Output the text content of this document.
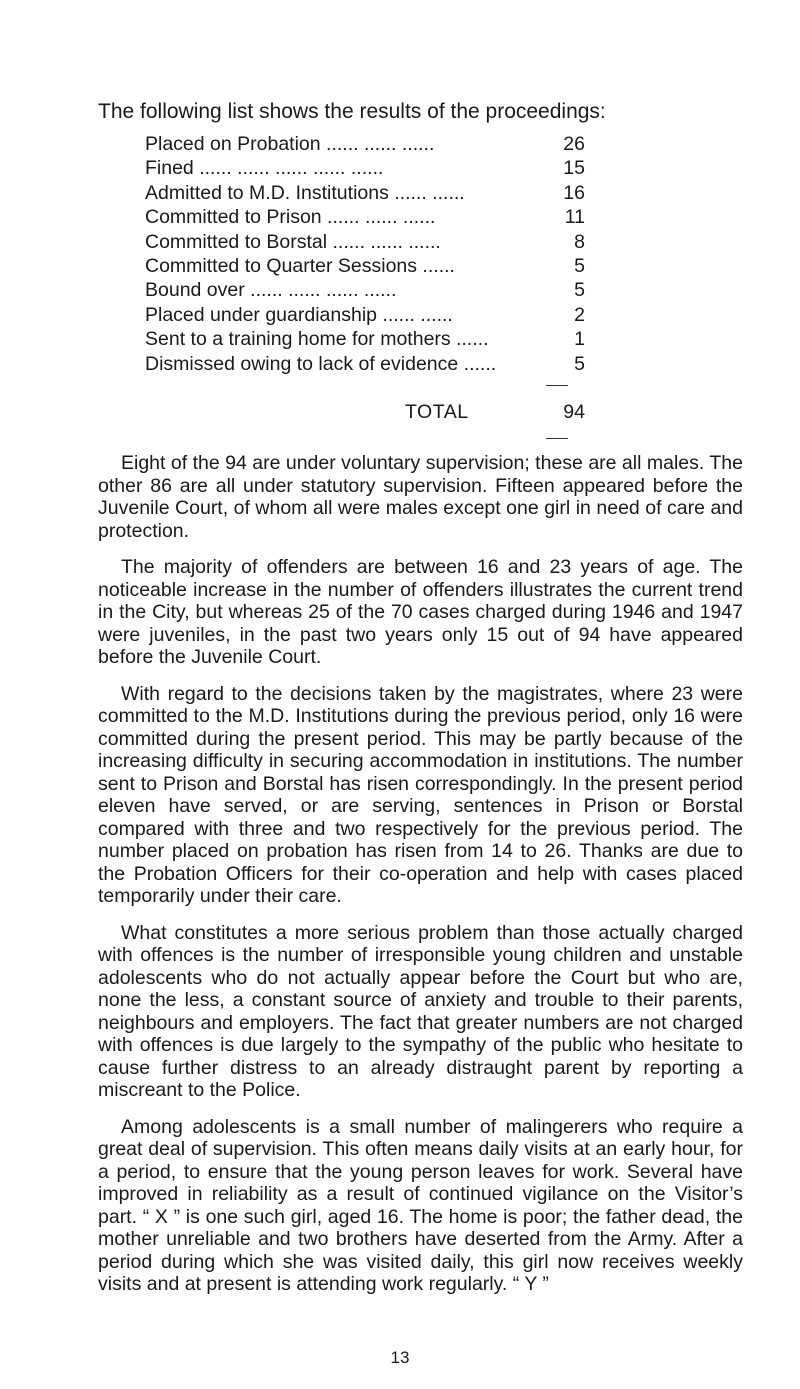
The following list shows the results of the proceedings:

Placed on Probation ...... ...... ......	26
Fined ...... ...... ...... ...... ......	15
Admitted to M.D. Institutions ...... ......	16
Committed to Prison ...... ...... ......	11
Committed to Borstal ...... ...... ......	8
Committed to Quarter Sessions ......	5
Bound over ...... ...... ...... ......	5
Placed under guardianship ...... ......	2
Sent to a training home for mothers ......	1
Dismissed owing to lack of evidence ......	5
TOTAL	94

Eight of the 94 are under voluntary supervision; these are all males. The other 86 are all under statutory supervision. Fifteen appeared before the Juvenile Court, of whom all were males except one girl in need of care and protection.

The majority of offenders are between 16 and 23 years of age. The noticeable increase in the number of offenders illustrates the current trend in the City, but whereas 25 of the 70 cases charged during 1946 and 1947 were juveniles, in the past two years only 15 out of 94 have appeared before the Juvenile Court.

With regard to the decisions taken by the magistrates, where 23 were committed to the M.D. Institutions during the previous period, only 16 were committed during the present period. This may be partly because of the increasing difficulty in securing accommodation in institutions. The number sent to Prison and Borstal has risen correspondingly. In the present period eleven have served, or are serving, sentences in Prison or Borstal compared with three and two respectively for the previous period. The number placed on probation has risen from 14 to 26. Thanks are due to the Probation Officers for their co-operation and help with cases placed temporarily under their care.

What constitutes a more serious problem than those actually charged with offences is the number of irresponsible young children and unstable adolescents who do not actually appear before the Court but who are, none the less, a constant source of anxiety and trouble to their parents, neighbours and employers. The fact that greater numbers are not charged with offences is due largely to the sympathy of the public who hesitate to cause further distress to an already distraught parent by reporting a miscreant to the Police.

Among adolescents is a small number of malingerers who require a great deal of supervision. This often means daily visits at an early hour, for a period, to ensure that the young person leaves for work. Several have improved in reliability as a result of continued vigilance on the Visitor’s part. “ X ” is one such girl, aged 16. The home is poor; the father dead, the mother unreliable and two brothers have deserted from the Army. After a period during which she was visited daily, this girl now receives weekly visits and at present is attending work regularly. “ Y ”

13
